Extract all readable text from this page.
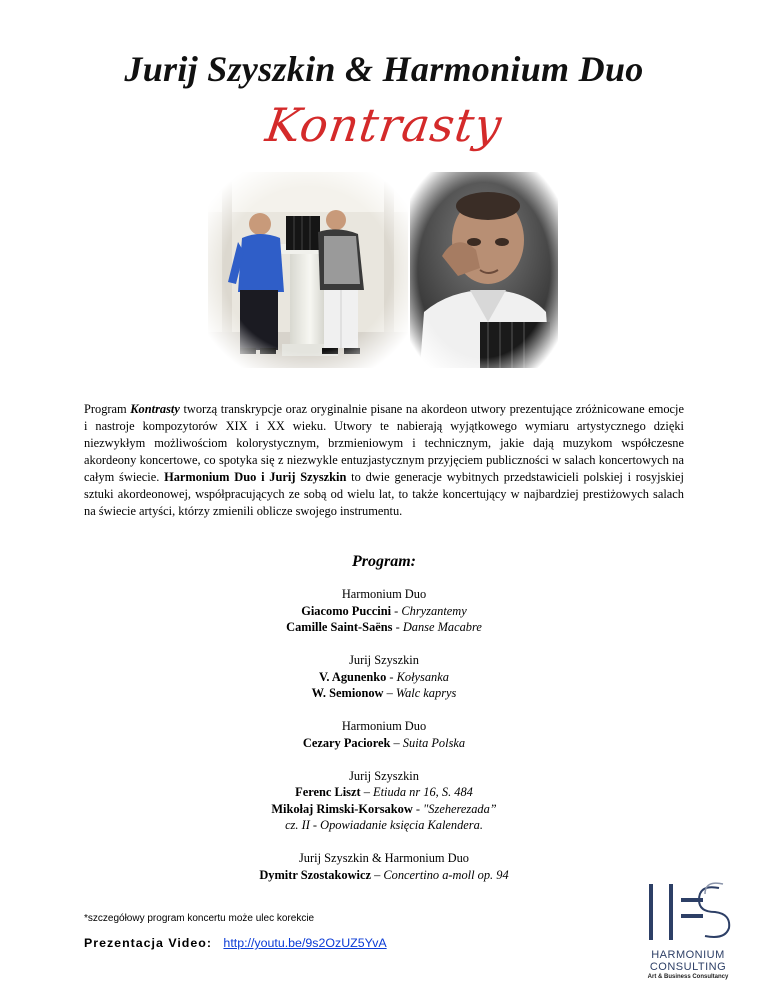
Jurij Szyszkin & Harmonium Duo
Kontrasty
Program Kontrasty tworzą transkrypcje oraz oryginalnie pisane na akordeon utwory prezentujące zróżnicowane emocje i nastroje kompozytorów XIX i XX wieku. Utwory te nabierają wyjątkowego wymiaru artystycznego dzięki niezwykłym możliwościom kolorystycznym, brzmieniowym i technicznym, jakie dają muzykom współczesne akordeony koncertowe, co spotyka się z niezwykle entuzjastycznym przyjęciem publiczności w salach koncertowych na całym świecie. Harmonium Duo i Jurij Szyszkin to dwie generacje wybitnych przedstawicieli polskiej i rosyjskiej sztuki akordeonowej, współpracujących ze sobą od wielu lat, to także koncertujący w najbardziej prestiżowych salach na świecie artyści, którzy zmienili oblicze swojego instrumentu.
Program:
Harmonium Duo
Giacomo Puccini - Chryzantemy
Camille Saint-Saëns - Danse Macabre
Jurij Szyszkin
V. Agunenko - Kołysanka
W. Semionow – Walc kaprys
Harmonium Duo
Cezary Paciorek – Suita Polska
Jurij Szyszkin
Ferenc Liszt – Etiuda nr 16, S. 484
Mikołaj Rimski-Korsakow - "Szeherezada”
cz. II - Opowiadanie księcia Kalendera.
Jurij Szyszkin & Harmonium Duo
Dymitr Szostakowicz – Concertino a-moll op. 94
*szczegółowy program koncertu może ulec korekcie
Prezentacja Video: http://youtu.be/9s2OzUZ5YvA
HARMONIUM
CONSULTING
Art & Business Consultancy
